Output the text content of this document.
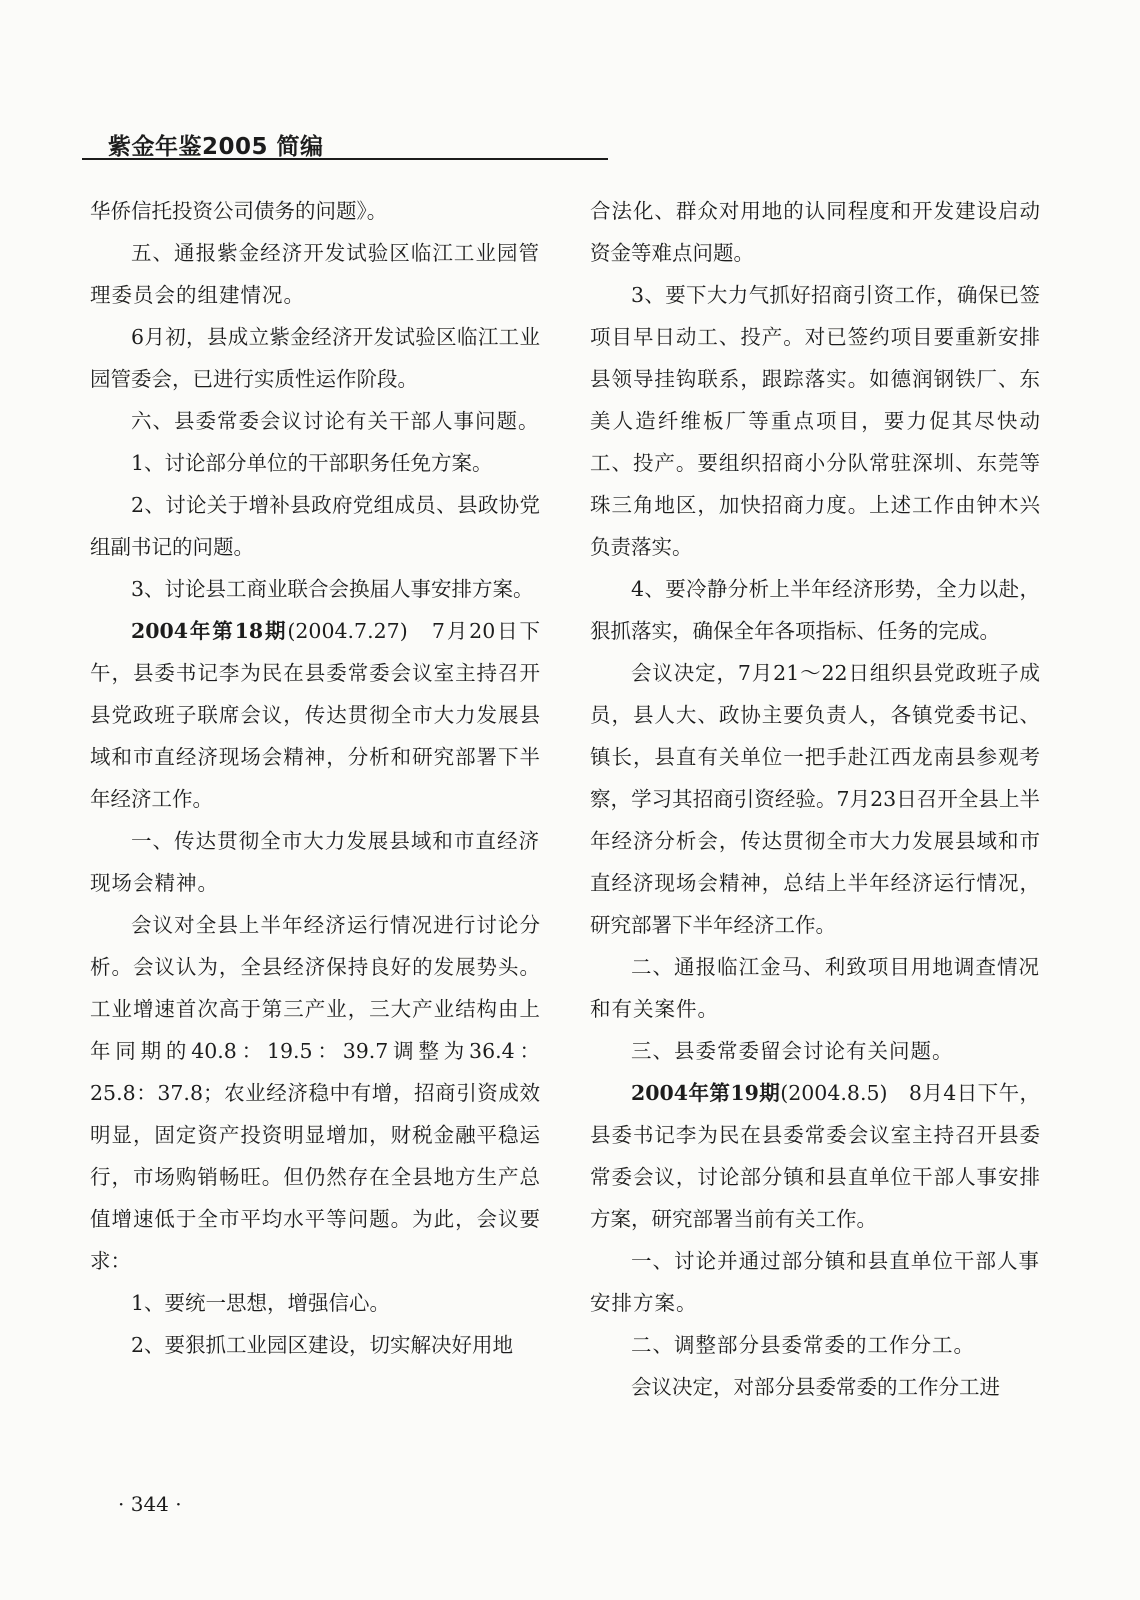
紫金年鉴2005 简编

华侨信托投资公司债务的问题》。

五、通报紫金经济开发试验区临江工业园管理委员会的组建情况。

6月初，县成立紫金经济开发试验区临江工业园管委会，已进行实质性运作阶段。

六、县委常委会议讨论有关干部人事问题。

1、讨论部分单位的干部职务任免方案。

2、讨论关于增补县政府党组成员、县政协党组副书记的问题。

3、讨论县工商业联合会换届人事安排方案。

2004年第18期(2004.7.27)　7月20日下午，县委书记李为民在县委常委会议室主持召开县党政班子联席会议，传达贯彻全市大力发展县域和市直经济现场会精神，分析和研究部署下半年经济工作。

一、传达贯彻全市大力发展县域和市直经济现场会精神。

会议对全县上半年经济运行情况进行讨论分析。会议认为，全县经济保持良好的发展势头。工业增速首次高于第三产业，三大产业结构由上年同期的40.8：19.5：39.7调整为36.4：25.8：37.8；农业经济稳中有增，招商引资成效明显，固定资产投资明显增加，财税金融平稳运行，市场购销畅旺。但仍然存在全县地方生产总值增速低于全市平均水平等问题。为此，会议要求：

1、要统一思想，增强信心。

2、要狠抓工业园区建设，切实解决好用地

合法化、群众对用地的认同程度和开发建设启动资金等难点问题。

3、要下大力气抓好招商引资工作，确保已签项目早日动工、投产。对已签约项目要重新安排县领导挂钩联系，跟踪落实。如德润钢铁厂、东美人造纤维板厂等重点项目，要力促其尽快动工、投产。要组织招商小分队常驻深圳、东莞等珠三角地区，加快招商力度。上述工作由钟木兴负责落实。

4、要冷静分析上半年经济形势，全力以赴，狠抓落实，确保全年各项指标、任务的完成。

会议决定，7月21～22日组织县党政班子成员，县人大、政协主要负责人，各镇党委书记、镇长，县直有关单位一把手赴江西龙南县参观考察，学习其招商引资经验。7月23日召开全县上半年经济分析会，传达贯彻全市大力发展县域和市直经济现场会精神，总结上半年经济运行情况，研究部署下半年经济工作。

二、通报临江金马、利致项目用地调查情况和有关案件。

三、县委常委留会讨论有关问题。

2004年第19期(2004.8.5)　8月4日下午，县委书记李为民在县委常委会议室主持召开县委常委会议，讨论部分镇和县直单位干部人事安排方案，研究部署当前有关工作。

一、讨论并通过部分镇和县直单位干部人事安排方案。

二、调整部分县委常委的工作分工。

会议决定，对部分县委常委的工作分工进

· 344 ·
